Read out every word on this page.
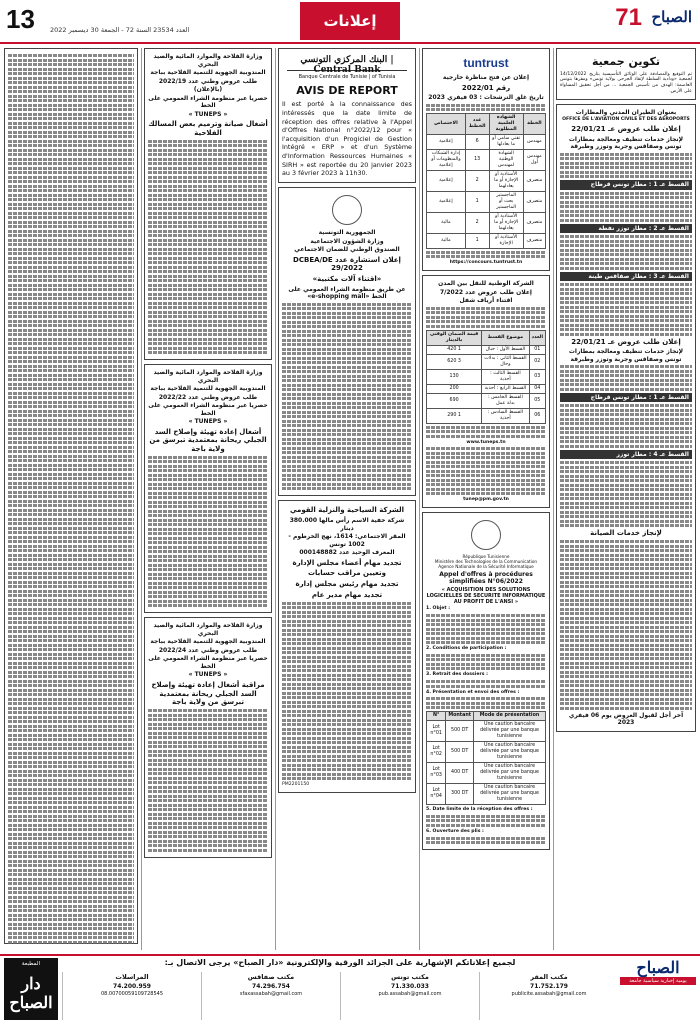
13 العدد 23534 السنة 72 - الجمعة 30 ديسمبر 2022	إعلانات	71 الصباح
تكوين جمعية
تم التوقيع والمصادقة على الوثائق التأسيسية بتاريخ 14/12/2022 لجمعية «ودادية السلطة لإنقاذ الجرحى بولاية تونس» ومقرها بتونس العاصمة: الهدف من تأسيس الجمعية ... من أجل تحقيق المساواة على الأرض.
بعنوان الطيران المدني والمطارات
OFFICE DE L'AVIATION CIVILE ET DES AEROPORTS
إعلان طلب عروض عـ 22/01/21
لإنجاز خدمات تنظيف ومعالجة بمطارات تونس وصفاقس وجربة وتوزر وطبرقة
القسط عـ 1 : مطار تونس قرطاج
القسط عـ 2 : مطار توزر نفطة
القسط عـ 3 : مطار صفاقس طينة
إعلان طلب عروض عـ 22/01/21
لإنجاز خدمات تنظيف ومعالجة بمطارات تونس وصفاقس وجربة وتوزر وطبرقة
القسط عـ 1 : مطار تونس قرطاج
القسط عـ 4 : مطار توزر
لإنجاز خدمات الصيانة
آخر أجل لقبول العروض يوم 06 فيفري 2023
tuntrust
إعلان عن فتح مناظرة خارجية
رقم 2022/01
تاريخ غلق الترشحات : 03 فيفري 2023
الخطة	الشهادة العلمية المطلوبة	عدد الخطط	الاختصاص
مهندس	تقني سامي أو ما يعادلها	6	إعلامية
مهندس أول	الشهادة الوطنية لمهندس	13	إدارة الشبكات والمنظومات أو إعلامية
متصرف	الأستاذية أو الإجازة أو ما يعادلهما	2	إعلامية
متصرف	الماجستير بحث أو الماجستير	1	إعلامية
متصرف	الأستاذية أو الإجازة أو ما يعادلهما	2	مالية
متصرف	الأستاذية أو الإجازة	1	مالية
https://concours.tuntrust.tn
الشركة الوطنية للنقل بين المدن
إعلان طلب عروض عدد 7/2022
اقتناء أرياف شفل
العدد	موضوع القسط	قيمة الضمان الوقتي بالدينار
01	القسط الأول : حبال	1 420
02	القسط الثاني : بدلات وحال	3 620
03	القسط الثالث : أحذية	130
04	القسط الرابع : أحذية	200
05	القسط الخامس : بدلة عمل	690
06	القسط السادس : أحذية	1 290
www.tuneps.tn
tunep@pm.gov.tn
République Tunisienne
Ministère des Technologies de la Communication
Agence Nationale de la Sécurité Informatique
Appel d'offres à procédures simplifiées N°06/2022
« ACQUISITION DES SOLUTIONS LOGICIELLES DE SECURITE INFORMATIQUE AU PROFIT DE L'ANSI »
1. Objet :
2. Conditions de participation :
3. Retrait des dossiers :
4. Présentation et envoi des offres :
N°	Montant	Mode de présentation
Lot n°01	500 DT	Une caution bancaire délivrée par une banque tunisienne
Lot n°02	500 DT	Une caution bancaire délivrée par une banque tunisienne
Lot n°03	400 DT	Une caution bancaire délivrée par une banque tunisienne
Lot n°04	300 DT	Une caution bancaire délivrée par une banque tunisienne
5. Date limite de la réception des offres :
6. Ouverture des plis :
البنك المركزي التونسي | Central Bank
Banque Centrale de Tunisie | of Tunisia
AVIS DE REPORT
Il est porté à la connaissance des intéressés que la date limite de réception des offres relative à l'Appel d'Offres National n°2022/12 pour « l'acquisition d'un Progiciel de Gestion Intégré « ERP » et d'un Système d'Information Ressources Humaines « SIRH » est reportée du 20 janvier 2023 au 3 février 2023 à 11h30.
الجمهورية التونسية
وزارة الشؤون الاجتماعية
الصندوق الوطني للضمان الاجتماعي
إعلان استشارة عدد DCBEA/DE 29/2022
«اقتناء آلات مكتبية»
عن طريق منظومة الشراء العمومي على الخط «e-shopping mall»
الشركة السياحية والنزلية القومي
شركة خفية الاسم رأس مالها 380.000 دينار
المقر الاجتماعي: 1614، نهج الخرطوم - 1002 تونس
المعرف الوحيد عدد 000148882
تجديد مهام أعضاء مجلس الإدارة
وتعيين مراقب حسابات
تجديد مهام رئيس مجلس إدارة
تجديد مهام مدير عام
PM2201150
وزارة الفلاحة والموارد المائية والصيد البحري
المندوبية الجهوية للتنمية الفلاحية بباجة
طلب عروض وطني عدد 2022/19
(بالإعلان)
حصريا عبر منظومة الشراء العمومي على الخط
« TUNEPS »
أشغال صيانة وترميم بعض المسالك الفلاحية
وزارة الفلاحة والموارد المائية والصيد البحري
المندوبية الجهوية للتنمية الفلاحية بباجة
طلب عروض وطني عدد 2022/22
حصريا عبر منظومة الشراء العمومي على الخط
« TUNEPS »
أشغال إعادة تهيئة وإصلاح السد الجبلي ريحانة بمعتمدية تبرسق من ولاية باجة
وزارة الفلاحة والموارد المائية والصيد البحري
المندوبية الجهوية للتنمية الفلاحية بباجة
طلب عروض وطني عدد 2022/24
حصريا عبر منظومة الشراء العمومي على الخط
« TUNEPS »
مراقبة أشغال إعادة تهيئة وإصلاح السد الجبلي ريحانة بمعتمدية تبرسق من ولاية باجة
لجميع إعلاناتكم الإشهارية على الجرائد الورقية والإلكترونية «دار الصباح» يرجى الاتصال بـ:	الصباح
يومية إخبارية سياسية جامعة
المطبعة
دار الصباح
مكتب المقر
71.752.179
publicite.assabah@gmail.com
مكتب تونس
71.330.033
pub.assabah@gmail.com
مكتب صفاقس
74.296.754
sfaxassabah@gmail.com
المراسلات
74.200.959
08.00700059109728545
